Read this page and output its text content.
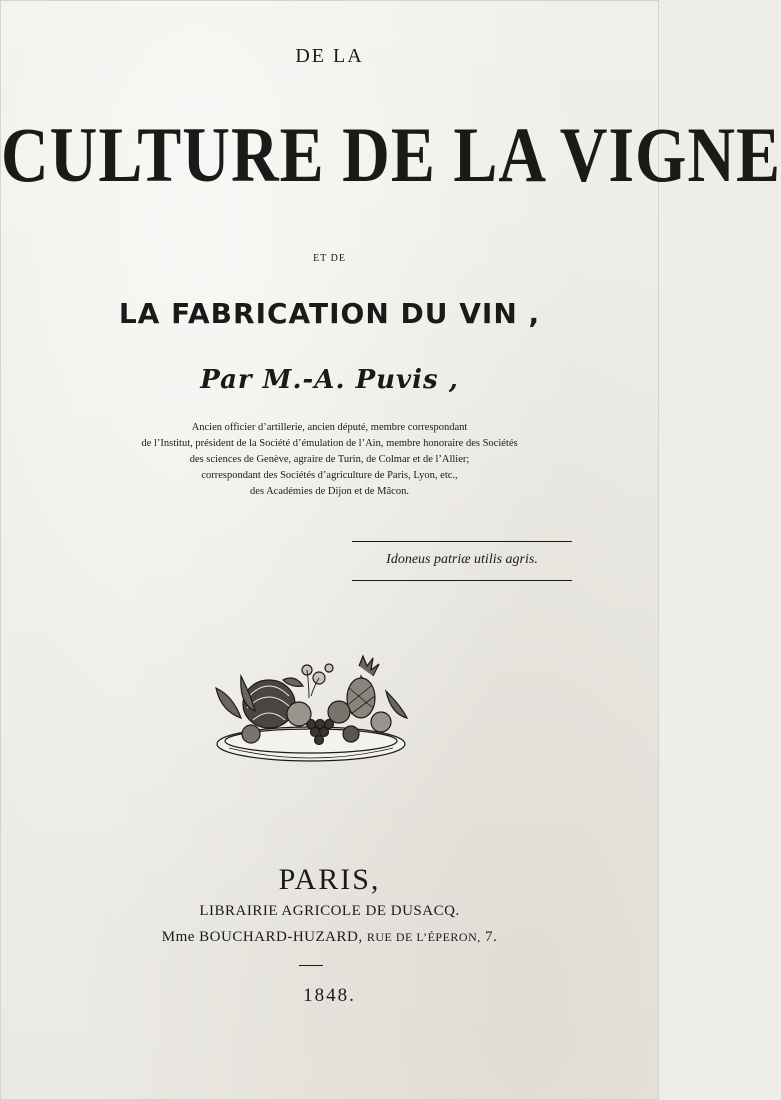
DE LA
CULTURE DE LA VIGNE
ET DE
LA FABRICATION DU VIN ,
Par M.-A. Puvis ,
Ancien officier d’artillerie, ancien député, membre correspondant
de l’Institut, président de la Société d’émulation de l’Ain, membre honoraire des Sociétés
des sciences de Genève, agraire de Turin, de Colmar et de l’Allier;
correspondant des Sociétés d’agriculture de Paris, Lyon, etc.,
des Académies de Dijon et de Mâcon.
Idoneus patriæ utilis agris.
PARIS,
LIBRAIRIE AGRICOLE DE DUSACQ.
Mme BOUCHARD-HUZARD, RUE DE L’ÉPERON, 7.
1848.
